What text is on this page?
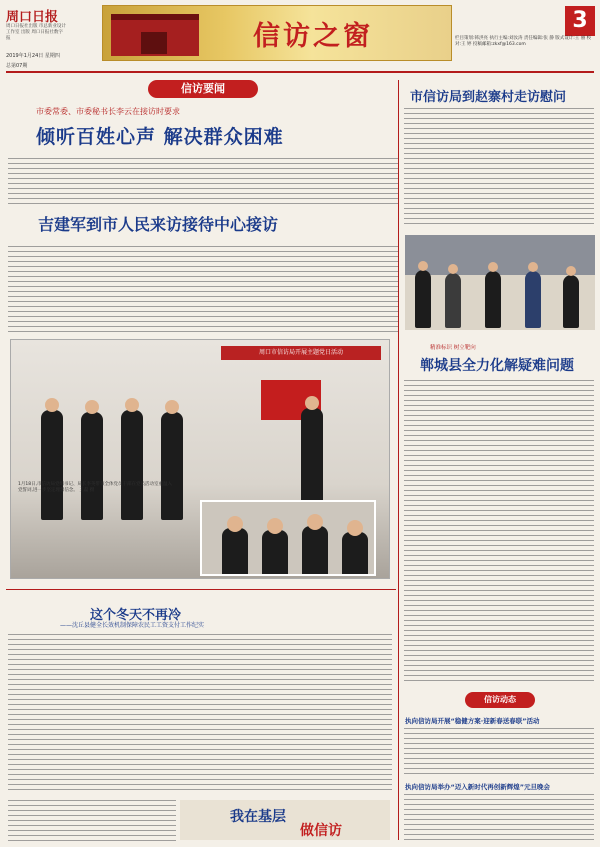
周口日报
周口日报社出版 市总新业设计工作室 出版 周口日报社数字报
2019年1月24日 星期四
总第07期
信访之窗
3
栏目策划:韩洪亮 执行主编:刘汝涛 责任编辑:张 静 版式设计:王 丽 校对:王 婷 投稿邮箱:zkxf@163.com
信访要闻
市委常委、市委秘书长李云在接访时要求
倾听百姓心声 解决群众困难
吉建军到市人民来访接待中心接访
市信访局到赵寨村走访慰问
精准标识 树立靶向
郸城县全力化解疑难问题
周口市信访局开展主题党日活动
1月18日,市信访局党组书记、局长李英带领全体党员干部在党员活动室重温入党誓词,进一步坚定理想信念。 王磊 摄
这个冬天不再冷
——沈丘县健全长效机制保障农民工工资支付工作纪实
我在基层
做信访
信访动态
执向信访局开展“稳健方案·迎新春送春联”活动
执向信访局举办“迈入新时代再创新辉煌”元旦晚会
